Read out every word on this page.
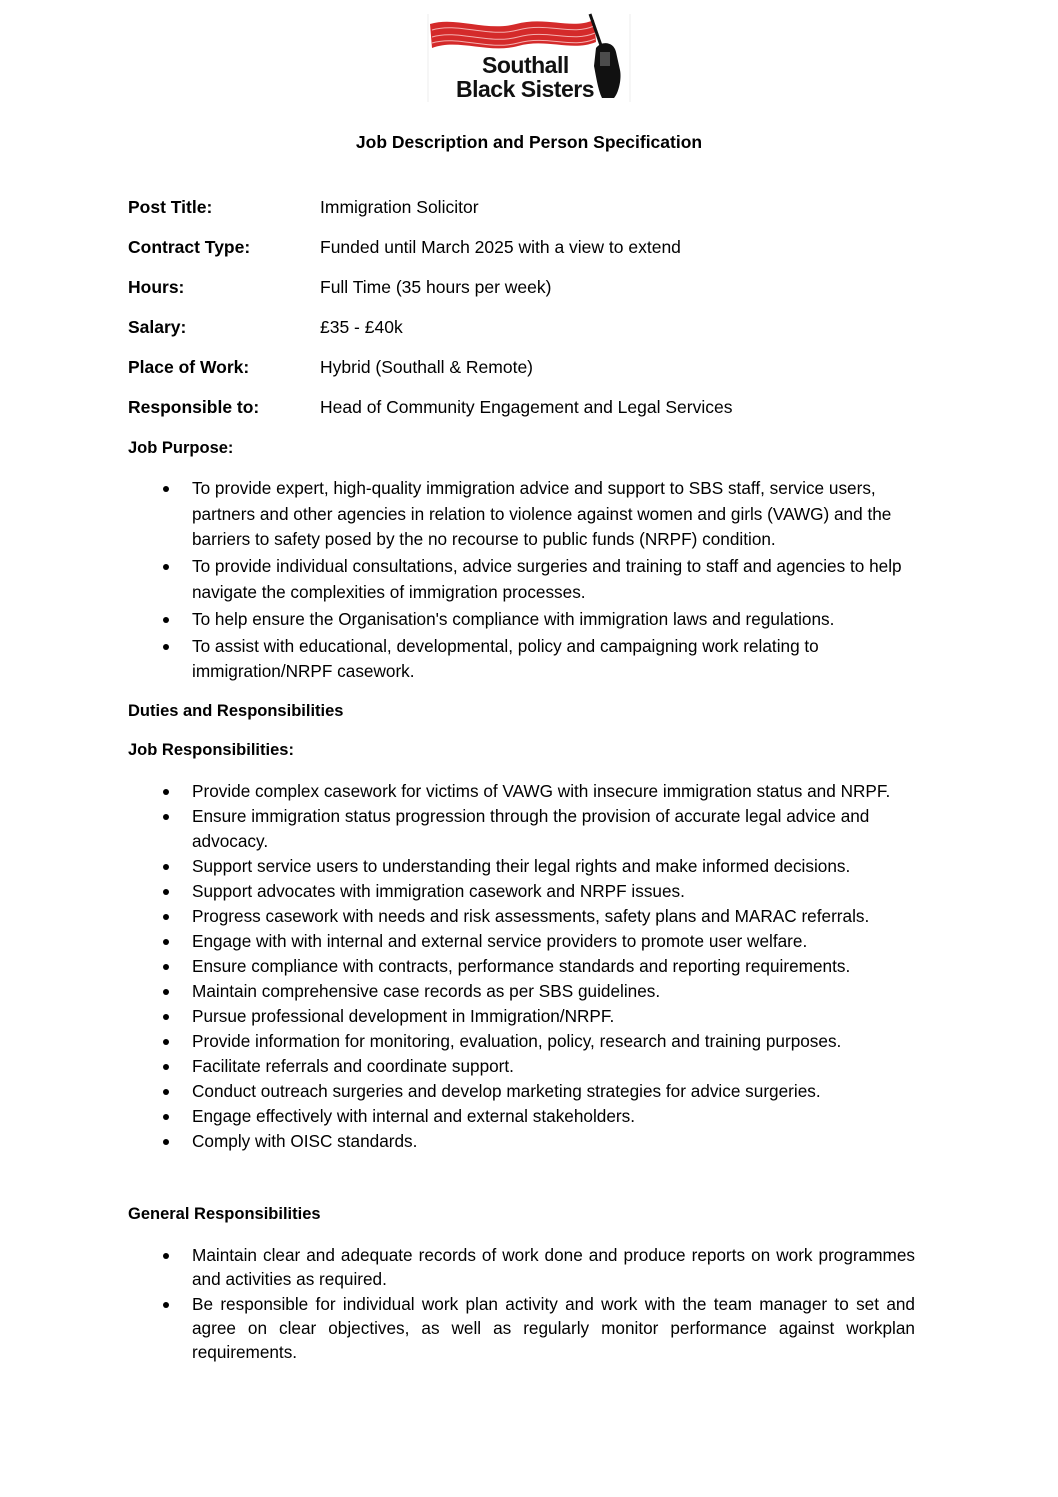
Southall
Black Sisters
Job Description and Person Specification
Post Title:	Immigration Solicitor
Contract Type:	Funded until March 2025 with a view to extend
Hours:	Full Time (35 hours per week)
Salary:	£35 - £40k
Place of Work:	Hybrid (Southall & Remote)
Responsible to:	Head of Community Engagement and Legal Services
Job Purpose:
To provide expert, high-quality immigration advice and support to SBS staff, service users, partners and other agencies in relation to violence against women and girls (VAWG) and the barriers to safety posed by the no recourse to public funds (NRPF) condition.
To provide individual consultations, advice surgeries and training to staff and agencies to help navigate the complexities of immigration processes.
To help ensure the Organisation's compliance with immigration laws and regulations.
To assist with educational, developmental, policy and campaigning work relating to immigration/NRPF casework.
Duties and Responsibilities
Job Responsibilities:
Provide complex casework for victims of VAWG with insecure immigration status and NRPF.
Ensure immigration status progression through the provision of accurate legal advice and advocacy.
Support service users to understanding their legal rights and make informed decisions.
Support advocates with immigration casework and NRPF issues.
Progress casework with needs and risk assessments, safety plans and MARAC referrals.
Engage with with internal and external service providers to promote user welfare.
Ensure compliance with contracts, performance standards and reporting requirements.
Maintain comprehensive case records as per SBS guidelines.
Pursue professional development in Immigration/NRPF.
Provide information for monitoring, evaluation, policy, research and training purposes.
Facilitate referrals and coordinate support.
Conduct outreach surgeries and develop marketing strategies for advice surgeries.
Engage effectively with internal and external stakeholders.
Comply with OISC standards.
General Responsibilities
Maintain clear and adequate records of work done and produce reports on work programmes and activities as required.
Be responsible for individual work plan activity and work with the team manager to set and agree on clear objectives, as well as regularly monitor performance against workplan requirements.
